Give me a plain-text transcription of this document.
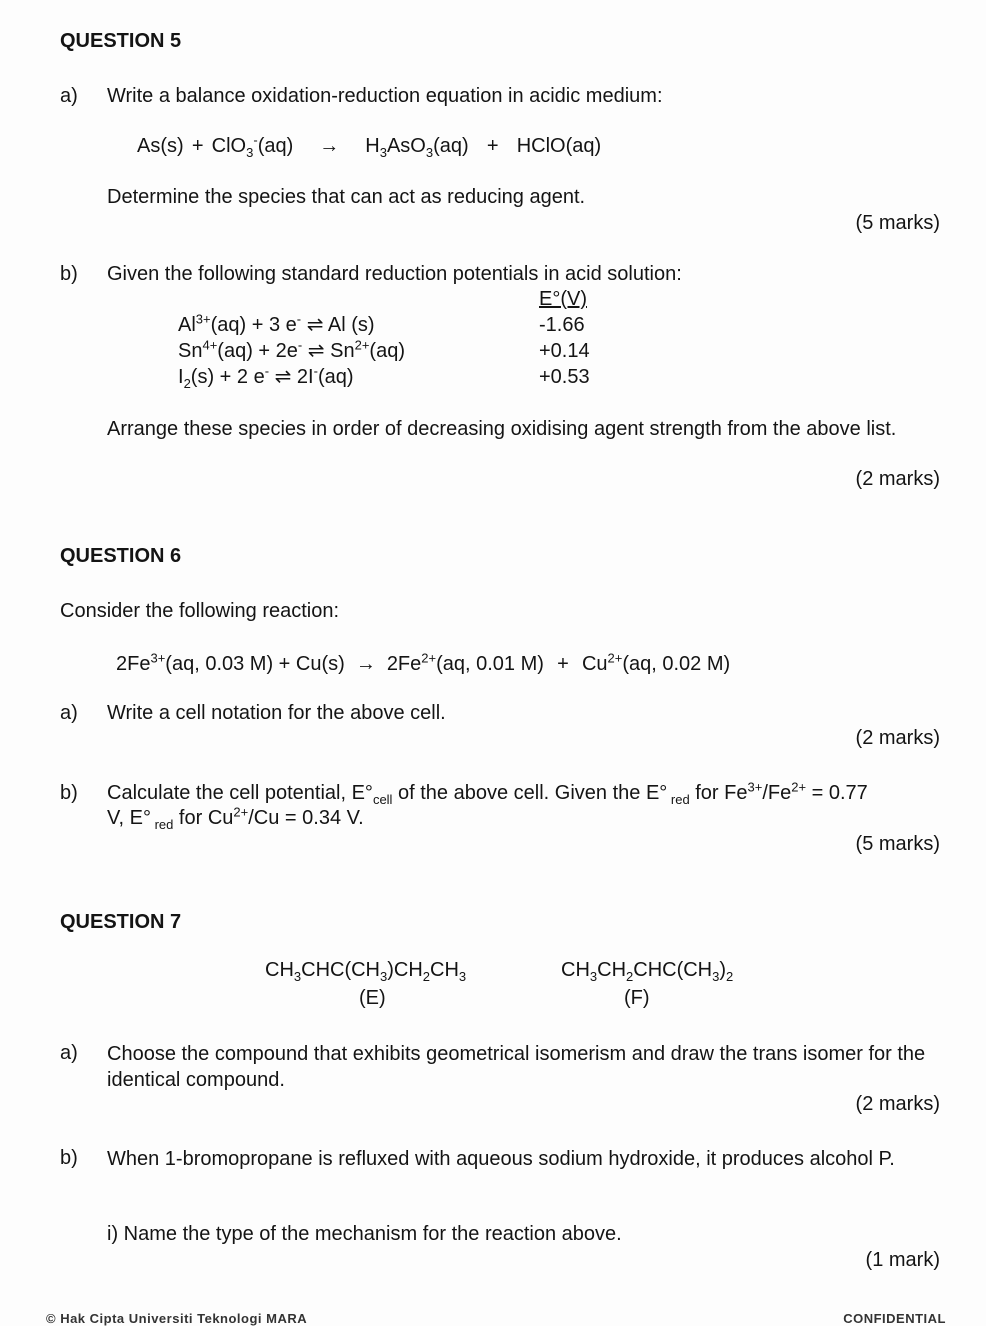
QUESTION 5
a) Write a balance oxidation-reduction equation in acidic medium:
$As(s) + ClO_3^-(aq) \to H_3AsO_3(aq)$ + HClO(aq)
Determine the species that can act as reducing agent.
(5 marks)
b) Given the following standard reduction potentials in acid solution:
E°(V)
$Al^{3+}(aq) + 3$ e- ⇌ Al (s)	-1.66
$Sn^{4+}(aq) + 2e^-$ ⇌ $Sn^{2+}(aq)$	+0.14
$I_2(s) + 2$ e- ⇌ 2I-(aq)	+0.53
Arrange these species in order of decreasing oxidising agent strength from the above list.
(2 marks)
QUESTION 6
Consider the following reaction:
$2Fe^{3+}(aq$, 0.03 $M) + Cu(s) \to 2Fe^{2+}(aq$, 0.01 $M) + Cu^{2+}(aq$, 0.02 M)
a) Write a cell notation for the above cell.
(2 marks)
b) Calculate the cell potential, $E^\circ_{cell}$ of the above cell. Given the E° $_{red}$ for $Fe^{3+}/Fe^{2+} = 0.77$
V, E° $_{red}$ for $Cu^{2+}/Cu = 0.34$ V.
(5 marks)
QUESTION 7
$CH_3CHC(CH_3)CH_2CH_3$
(E)
$CH_3CH_2CHC(CH_3)_2$
(F)
a) Choose the compound that exhibits geometrical isomerism and draw the trans isomer for the identical compound.
(2 marks)
b) When 1-bromopropane is refluxed with aqueous sodium hydroxide, it produces alcohol P.
i) Name the type of the mechanism for the reaction above.
(1 mark)
© Hak Cipta Universiti Teknologi MARA	CONFIDENTIAL
